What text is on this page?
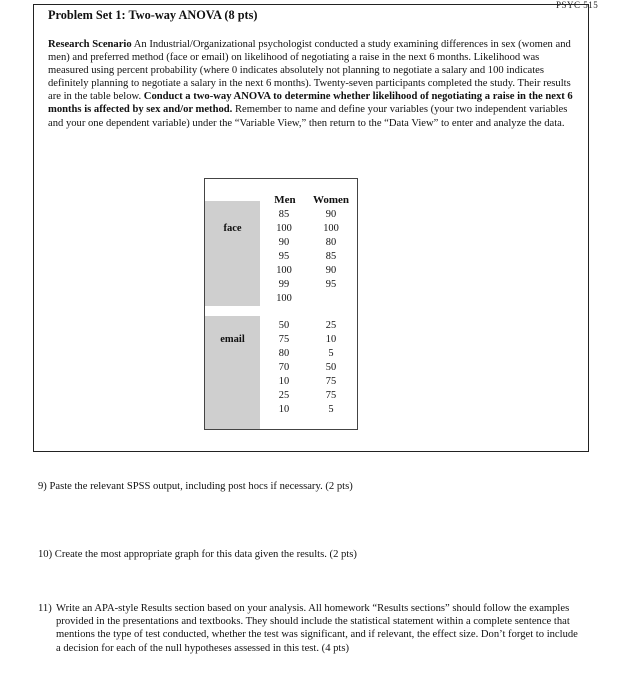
PSYC 515
Problem Set 1: Two-way ANOVA (8 pts)

Research Scenario An Industrial/Organizational psychologist conducted a study examining differences in sex (women and men) and preferred method (face or email) on likelihood of negotiating a raise in the next 6 months. Likelihood was measured using percent probability (where 0 indicates absolutely not planning to negotiate a salary and 100 indicates definitely planning to negotiate a salary in the next 6 months). Twenty-seven participants completed the study. Their results are in the table below. Conduct a two-way ANOVA to determine whether likelihood of negotiating a raise in the next 6 months is affected by sex and/or method. Remember to name and define your variables (your two independent variables and your one dependent variable) under the “Variable View,” then return to the “Data View” to enter and analyze the data.

Men	Women
face
email
85
100
90
95
100
99
100
90
100
80
85
90
95
50
75
80
70
10
25
10
25
10
5
50
75
75
5

9) Paste the relevant SPSS output, including post hocs if necessary. (2 pts)

10) Create the most appropriate graph for this data given the results. (2 pts)

11) Write an APA-style Results section based on your analysis. All homework “Results sections” should follow the examples provided in the presentations and textbooks. They should include the statistical statement within a complete sentence that mentions the type of test conducted, whether the test was significant, and if relevant, the effect size. Don’t forget to include a decision for each of the null hypotheses assessed in this test. (4 pts)
